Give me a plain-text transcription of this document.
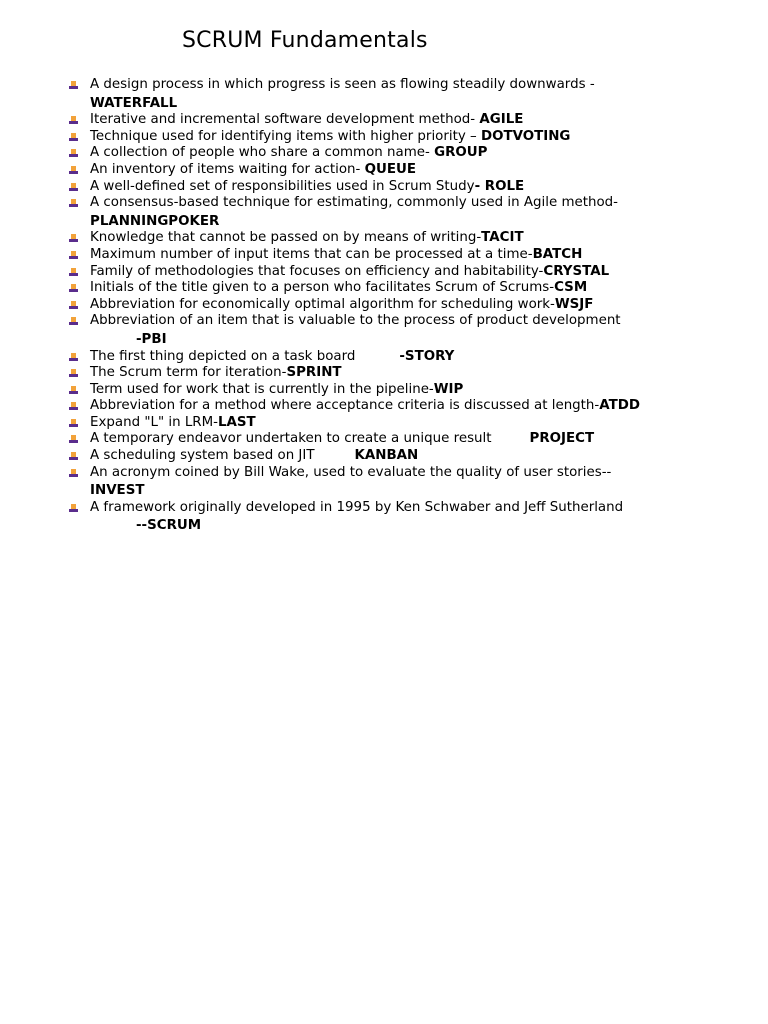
SCRUM Fundamentals
A design process in which progress is seen as flowing steadily downwards -
WATERFALL
Iterative and incremental software development method- AGILE
Technique used for identifying items with higher priority – DOTVOTING
A collection of people who share a common name- GROUP
An inventory of items waiting for action- QUEUE
A well-defined set of responsibilities used in Scrum Study- ROLE
A consensus-based technique for estimating, commonly used in Agile method-
PLANNINGPOKER
Knowledge that cannot be passed on by means of writing-TACIT
Maximum number of input items that can be processed at a time-BATCH
Family of methodologies that focuses on efficiency and habitability-CRYSTAL
Initials of the title given to a person who facilitates Scrum of Scrums-CSM
Abbreviation for economically optimal algorithm for scheduling work-WSJF
Abbreviation of an item that is valuable to the process of product development
-PBI
The first thing depicted on a task board	-STORY
The Scrum term for iteration-SPRINT
Term used for work that is currently in the pipeline-WIP
Abbreviation for a method where acceptance criteria is discussed at length-ATDD
Expand "L" in LRM-LAST
A temporary endeavor undertaken to create a unique result	PROJECT
A scheduling system based on JIT	KANBAN
An acronym coined by Bill Wake, used to evaluate the quality of user stories--
INVEST
A framework originally developed in 1995 by Ken Schwaber and Jeff Sutherland
--SCRUM
